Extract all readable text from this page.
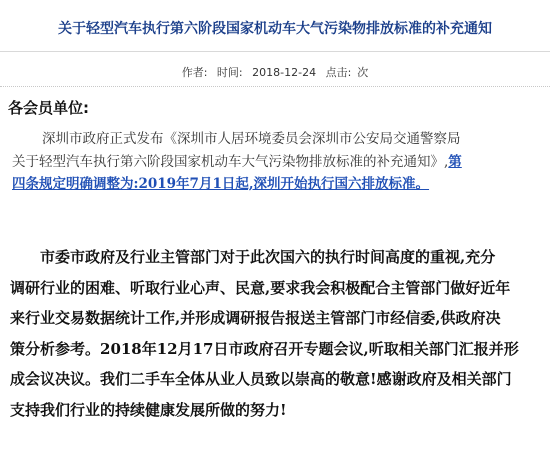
关于轻型汽车执行第六阶段国家机动车大气污染物排放标准的补充通知
作者: 时间: 2018-12-24 点击: 次
各会员单位:
深圳市政府正式发布《深圳市人居环境委员会深圳市公安局交通警察局
关于轻型汽车执行第六阶段国家机动车大气污染物排放标准的补充通知》,第
四条规定明确调整为:2019年7月1日起,深圳开始执行国六排放标准。
市委市政府及行业主管部门对于此次国六的执行时间高度的重视,充分
调研行业的困难、听取行业心声、民意,要求我会积极配合主管部门做好近年
来行业交易数据统计工作,并形成调研报告报送主管部门市经信委,供政府决
策分析参考。2018年12月17日市政府召开专题会议,听取相关部门汇报并形
成会议决议。我们二手车全体从业人员致以崇高的敬意!感谢政府及相关部门
支持我们行业的持续健康发展所做的努力!
